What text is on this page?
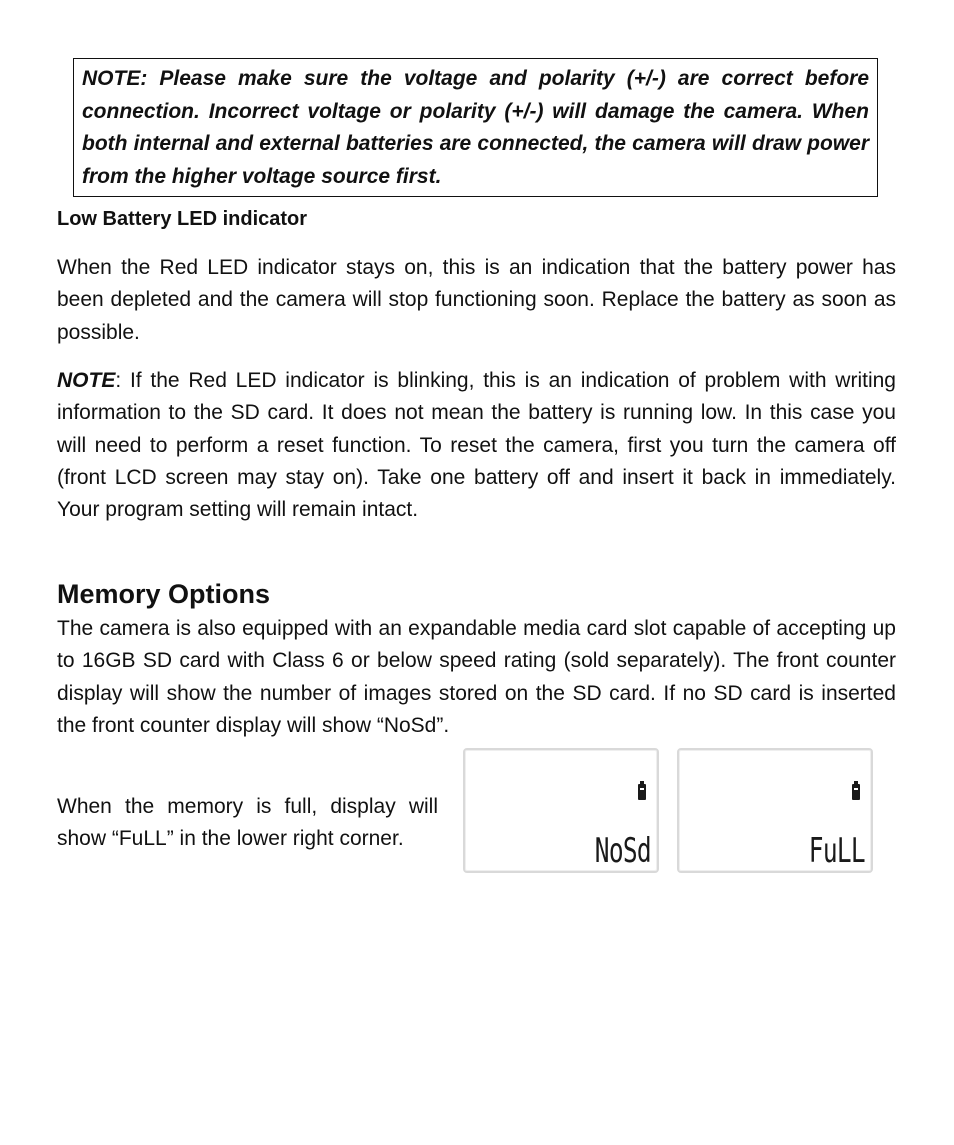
NOTE: Please make sure the voltage and polarity (+/-) are correct before connection. Incorrect voltage or polarity (+/-) will damage the camera. When both internal and external batteries are connected, the camera will draw power from the higher voltage source first.
Low Battery LED indicator

When the Red LED indicator stays on, this is an indication that the battery power has been depleted and the camera will stop functioning soon. Replace the battery as soon as possible.

NOTE: If the Red LED indicator is blinking, this is an indication of problem with writing information to the SD card. It does not mean the battery is running low. In this case you will need to perform a reset function. To reset the camera, first you turn the camera off (front LCD screen may stay on). Take one battery off and insert it back in immediately. Your program setting will remain intact.

Memory Options

The camera is also equipped with an expandable media card slot capable of accepting up to 16GB SD card with Class 6 or below speed rating (sold separately). The front counter display will show the number of images stored on the SD card. If no SD card is inserted the front counter display will show “NoSd”.

When the memory is full, display will show “FuLL” in the lower right corner.	NoSd	FuLL
